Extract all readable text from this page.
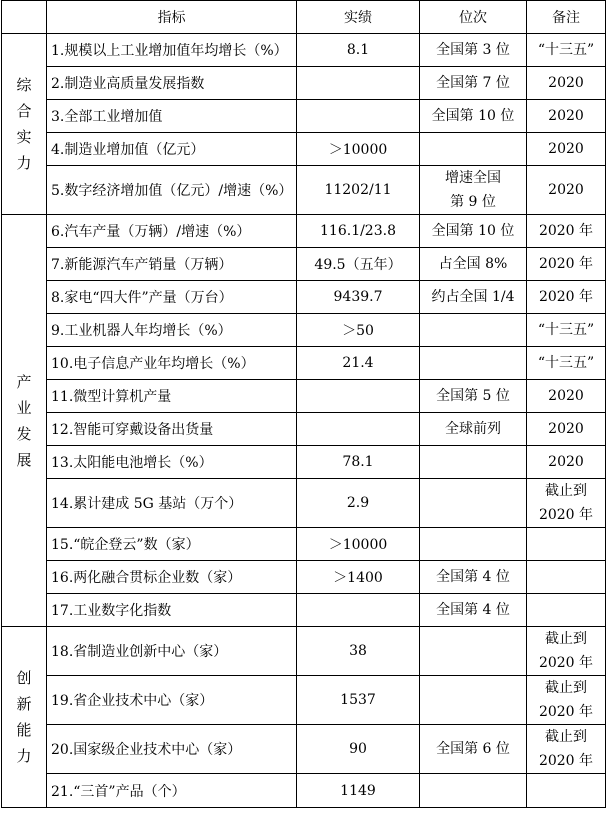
	指标	实绩	位次	备注

综
合
实
力	1.规模以上工业增加值年均增长（%）	8.1	全国第 3 位	“十三五”

	2.制造业高质量发展指数		全国第 7 位	2020

	3.全部工业增加值		全国第 10 位	2020

	4.制造业增加值（亿元）	＞10000		2020

	5.数字经济增加值（亿元）/增速（%）	11202/11	增速全国
第 9 位	2020

产
业
发
展	6.汽车产量（万辆）/增速（%）	116.1/23.8	全国第 10 位	2020 年

	7.新能源汽车产销量（万辆）	49.5（五年）	占全国 8%	2020 年

	8.家电“四大件”产量（万台）	9439.7	约占全国 1/4	2020 年

	9.工业机器人年均增长（%）	＞50		“十三五”

	10.电子信息产业年均增长（%）	21.4		“十三五”

	11.微型计算机产量		全国第 5 位	2020

	12.智能可穿戴设备出货量		全球前列	2020

	13.太阳能电池增长（%）	78.1		2020

	14.累计建成 5G 基站（万个）	2.9		截止到
2020 年

	15.“皖企登云”数（家）	＞10000		
	16.两化融合贯标企业数（家）	＞1400	全国第 4 位	

	17.工业数字化指数		全国第 4 位	

创
新
能
力	18.省制造业创新中心（家）	38		截止到
2020 年

	19.省企业技术中心（家）	1537		截止到
2020 年

	20.国家级企业技术中心（家）	90	全国第 6 位	截止到
2020 年

	21.“三首”产品（个）	1149		
